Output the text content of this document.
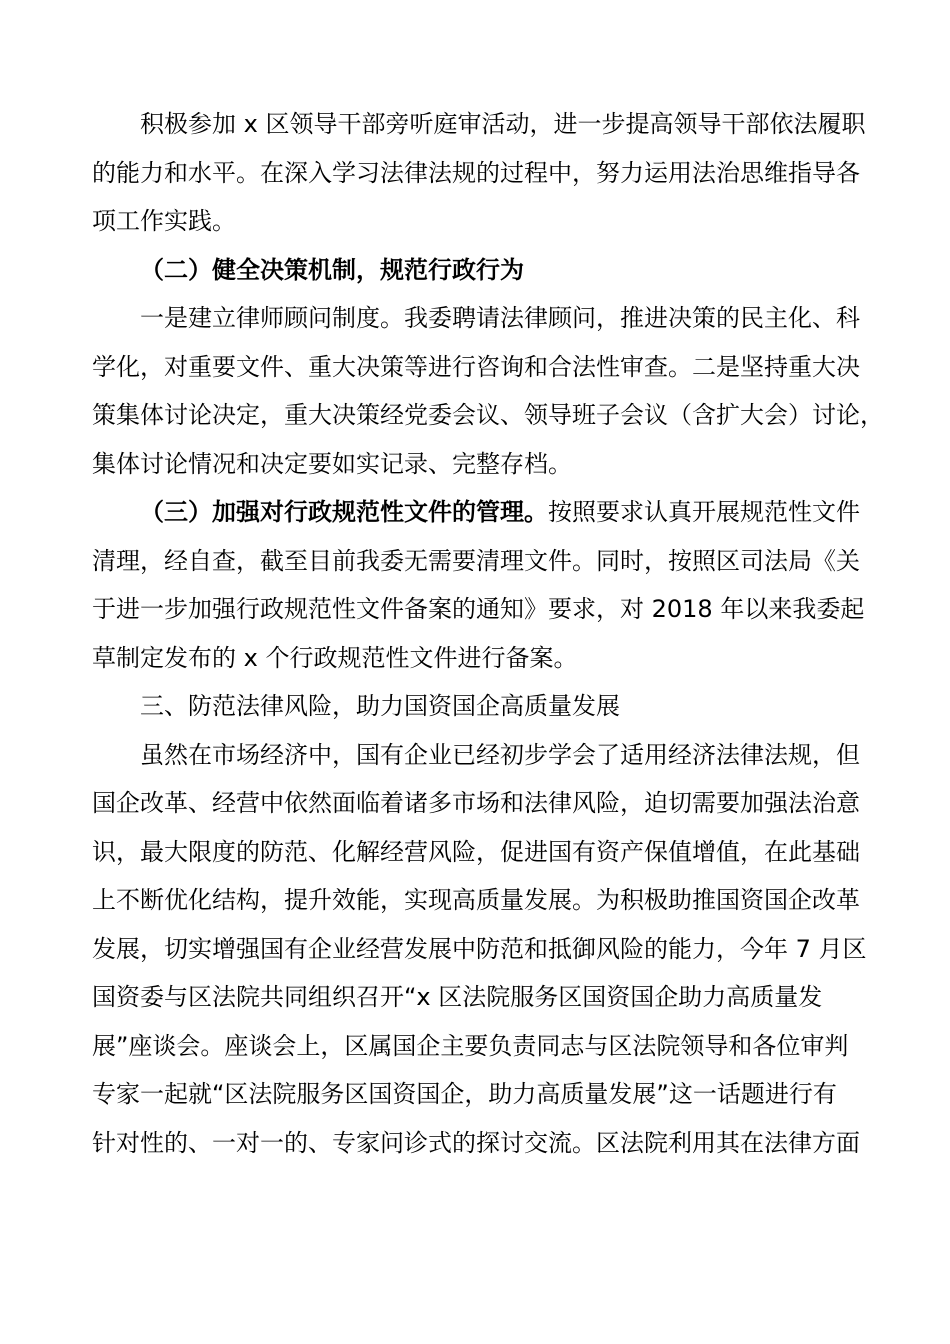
积极参加 x 区领导干部旁听庭审活动，进一步提高领导干部依法履职
的能力和水平。在深入学习法律法规的过程中，努力运用法治思维指导各
项工作实践。
（二）健全决策机制，规范行政行为
一是建立律师顾问制度。我委聘请法律顾问，推进决策的民主化、科
学化，对重要文件、重大决策等进行咨询和合法性审查。二是坚持重大决
策集体讨论决定，重大决策经党委会议、领导班子会议（含扩大会）讨论，
集体讨论情况和决定要如实记录、完整存档。
（三）加强对行政规范性文件的管理。按照要求认真开展规范性文件
清理，经自查，截至目前我委无需要清理文件。同时，按照区司法局《关
于进一步加强行政规范性文件备案的通知》要求，对 2018 年以来我委起
草制定发布的 x 个行政规范性文件进行备案。
三、防范法律风险，助力国资国企高质量发展
虽然在市场经济中，国有企业已经初步学会了适用经济法律法规，但
国企改革、经营中依然面临着诸多市场和法律风险，迫切需要加强法治意
识，最大限度的防范、化解经营风险，促进国有资产保值增值，在此基础
上不断优化结构，提升效能，实现高质量发展。为积极助推国资国企改革
发展，切实增强国有企业经营发展中防范和抵御风险的能力，今年 7 月区
国资委与区法院共同组织召开“x 区法院服务区国资国企助力高质量发
展”座谈会。座谈会上，区属国企主要负责同志与区法院领导和各位审判
专家一起就“区法院服务区国资国企，助力高质量发展”这一话题进行有
针对性的、一对一的、专家问诊式的探讨交流。区法院利用其在法律方面
